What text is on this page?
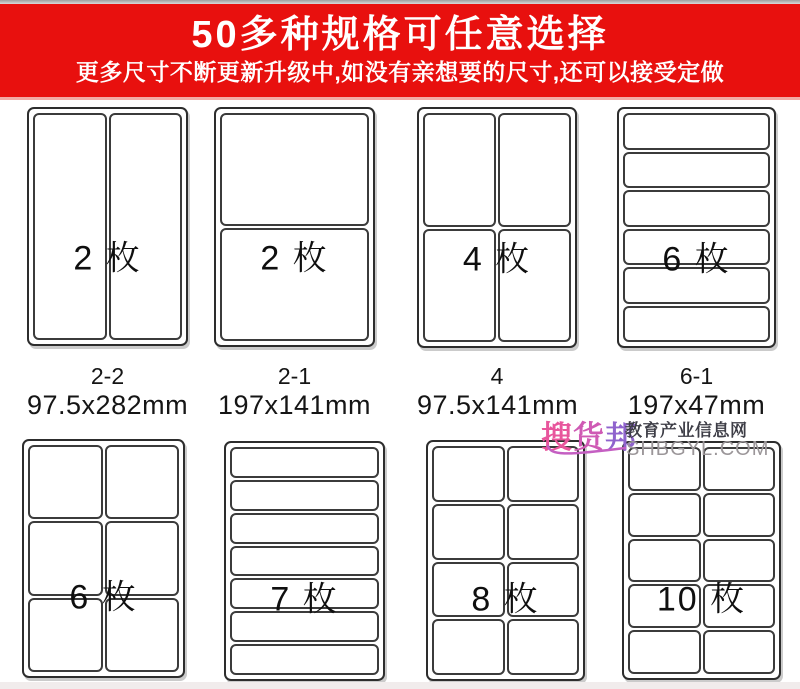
50多种规格可任意选择
更多尺寸不断更新升级中,如没有亲想要的尺寸,还可以接受定做
2 枚	2 枚	4 枚	6 枚
2-2
97.5x282mm
2-1
197x141mm
4
97.5x141mm
6-1
197x47mm
6 枚	7 枚	8 枚	10 枚
搜货邦
教育产业信息网
SHBGYL.COM
